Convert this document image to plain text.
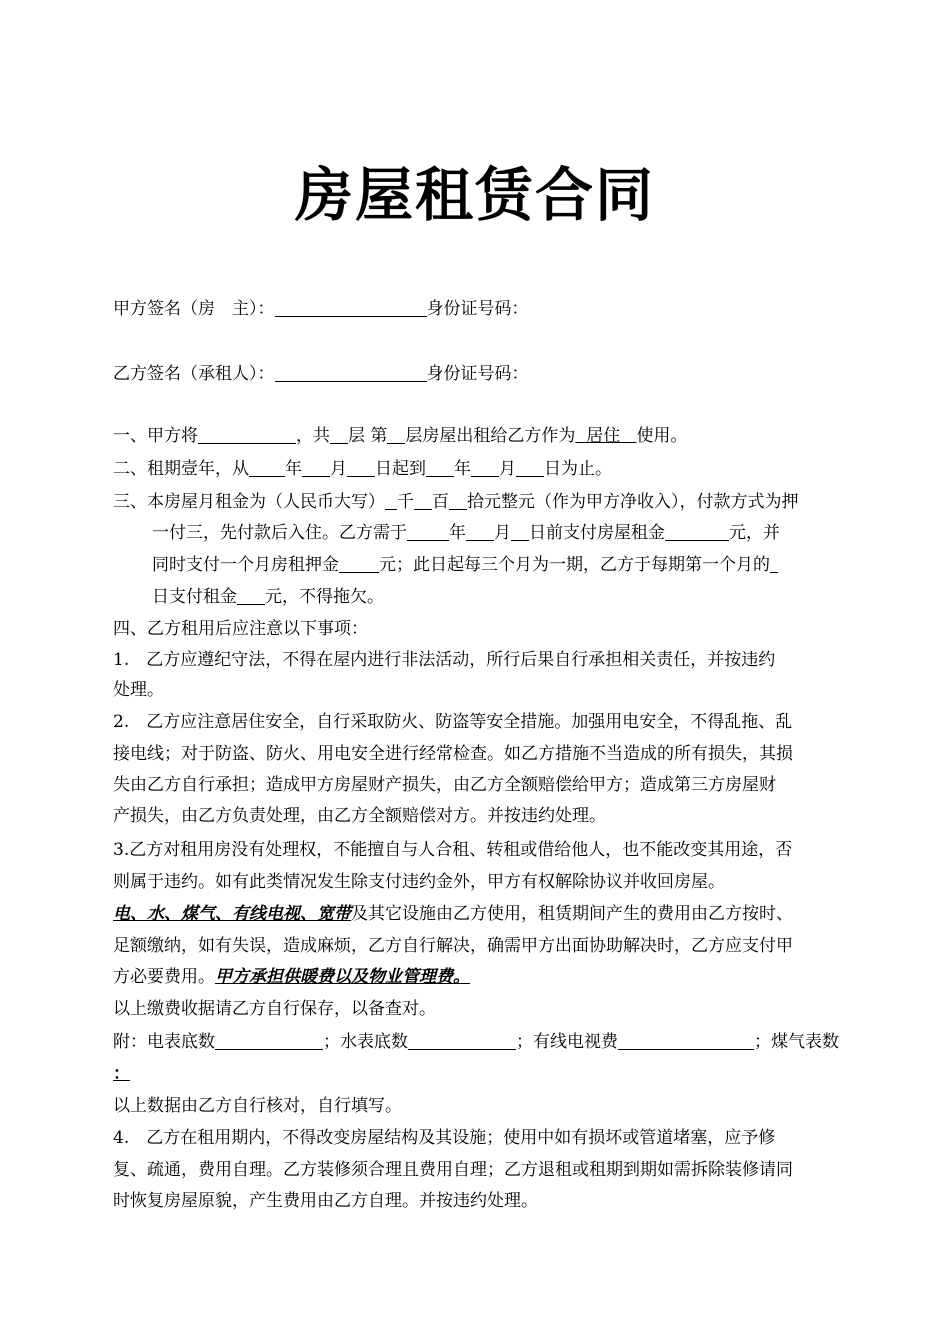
房屋租赁合同
甲方签名（房　主）：	身份证号码：
乙方签名（承租人）：	身份证号码：
一、甲方将	，共 层 第 层房屋出租给乙方作为 居住 使用。
二、租期壹年，从 年 月 日起到 年 月 日为止。
三、本房屋月租金为（人民币大写） 千 百 拾元整元（作为甲方净收入），付款方式为押
一付三，先付款后入住。乙方需于 年 月 日前支付房屋租金	元，并
同时支付一个月房租押金 元；此日起每三个月为一期，乙方于每期第一个月的
日支付租金 元，不得拖欠。
四、乙方租用后应注意以下事项：
1.　乙方应遵纪守法，不得在屋内进行非法活动，所行后果自行承担相关责任，并按违约
处理。
2.　乙方应注意居住安全，自行采取防火、防盗等安全措施。加强用电安全，不得乱拖、乱
接电线；对于防盗、防火、用电安全进行经常检查。如乙方措施不当造成的所有损失，其损
失由乙方自行承担；造成甲方房屋财产损失，由乙方全额赔偿给甲方；造成第三方房屋财
产损失，由乙方负责处理，由乙方全额赔偿对方。并按违约处理。
3.乙方对租用房没有处理权，不能擅自与人合租、转租或借给他人，也不能改变其用途，否
则属于违约。如有此类情况发生除支付违约金外，甲方有权解除协议并收回房屋。
电、水、煤气、有线电视、宽带及其它设施由乙方使用，租赁期间产生的费用由乙方按时、
足额缴纳，如有失误，造成麻烦，乙方自行解决，确需甲方出面协助解决时，乙方应支付甲
方必要费用。甲方承担供暖费以及物业管理费。
以上缴费收据请乙方自行保存，以备查对。
附：电表底数	；水表底数	；有线电视费	；煤气表数
：
以上数据由乙方自行核对，自行填写。
4.　乙方在租用期内，不得改变房屋结构及其设施；使用中如有损坏或管道堵塞，应予修
复、疏通，费用自理。乙方装修须合理且费用自理；乙方退租或租期到期如需拆除装修请同
时恢复房屋原貌，产生费用由乙方自理。并按违约处理。
